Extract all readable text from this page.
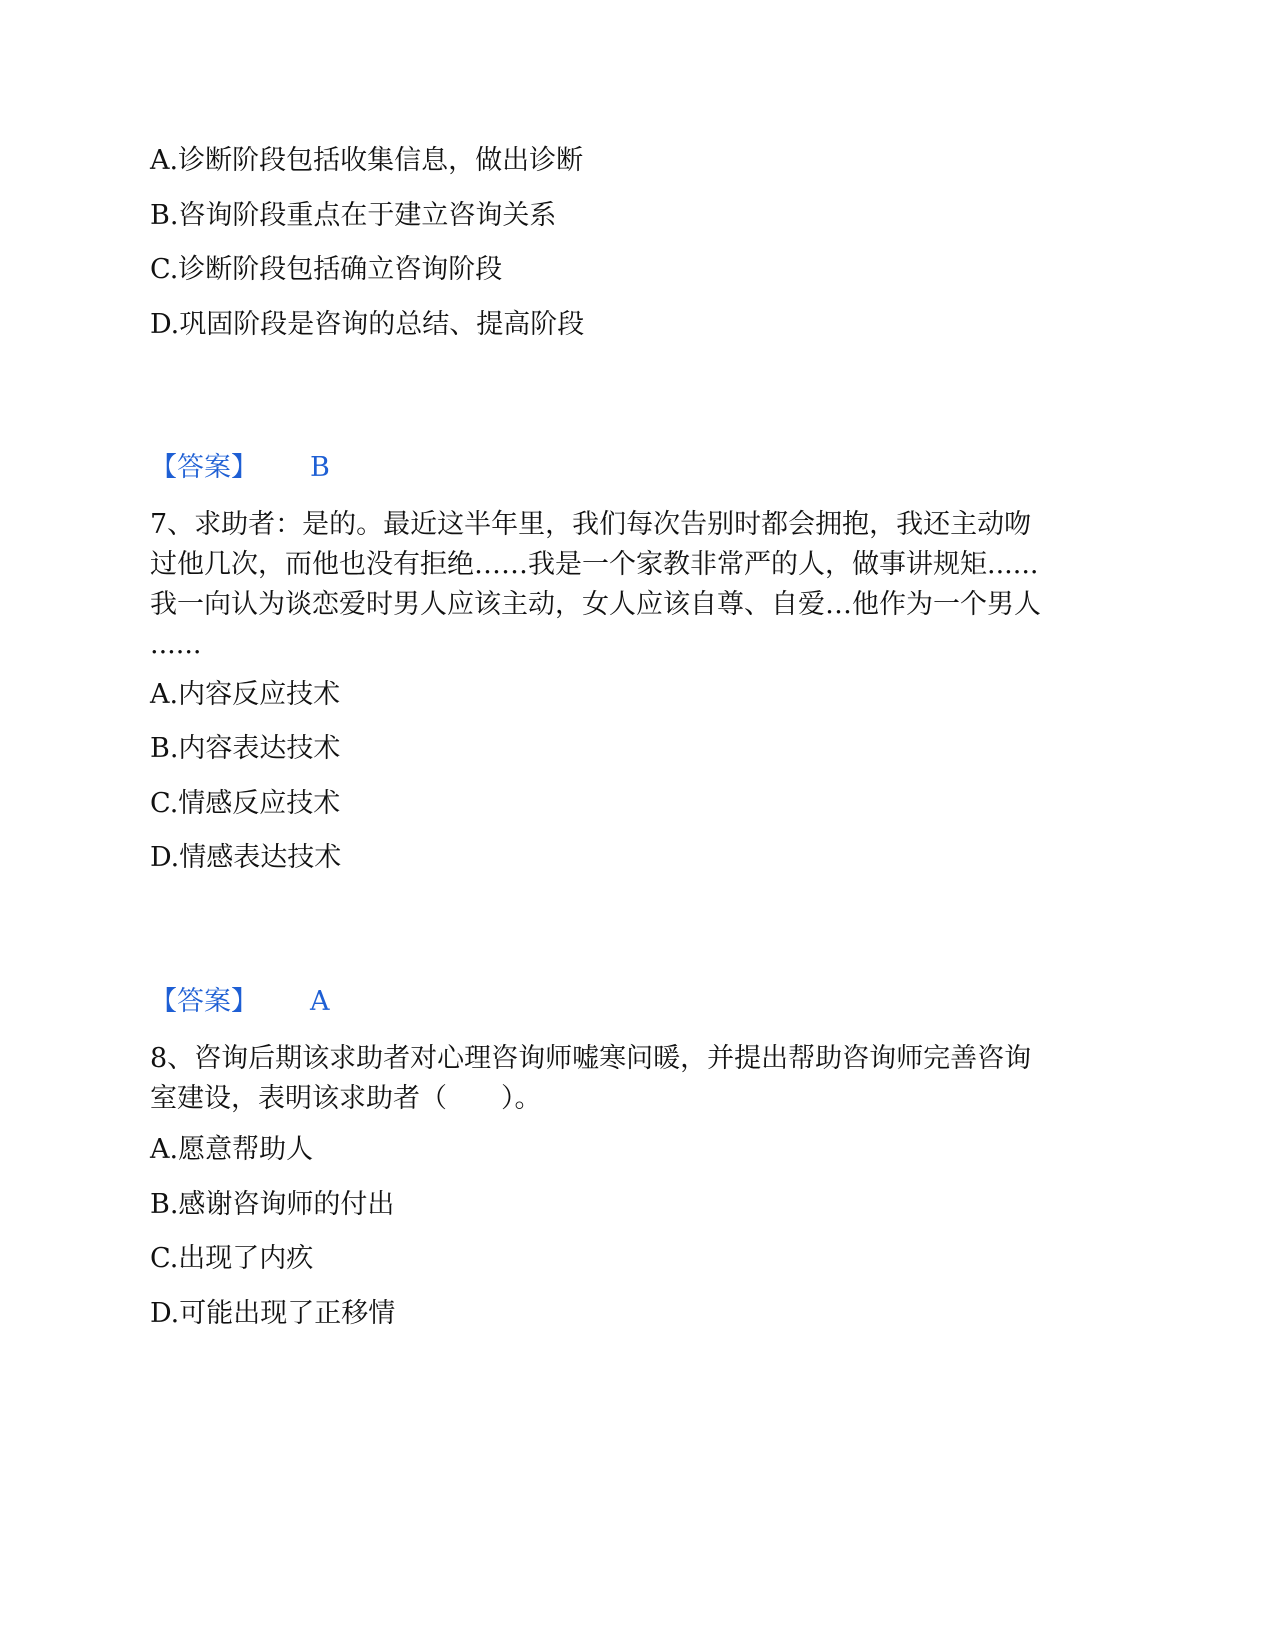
A.诊断阶段包括收集信息，做出诊断
B.咨询阶段重点在于建立咨询关系
C.诊断阶段包括确立咨询阶段
D.巩固阶段是咨询的总结、提高阶段
【答案】 B
7、求助者：是的。最近这半年里，我们每次告别时都会拥抱，我还主动吻
过他几次，而他也没有拒绝……我是一个家教非常严的人，做事讲规矩......
我一向认为谈恋爱时男人应该主动，女人应该自尊、自爱…他作为一个男人
......
A.内容反应技术
B.内容表达技术
C.情感反应技术
D.情感表达技术
【答案】 A
8、咨询后期该求助者对心理咨询师嘘寒问暖，并提出帮助咨询师完善咨询
室建设，表明该求助者（　　）。
A.愿意帮助人
B.感谢咨询师的付出
C.出现了内疚
D.可能出现了正移情
